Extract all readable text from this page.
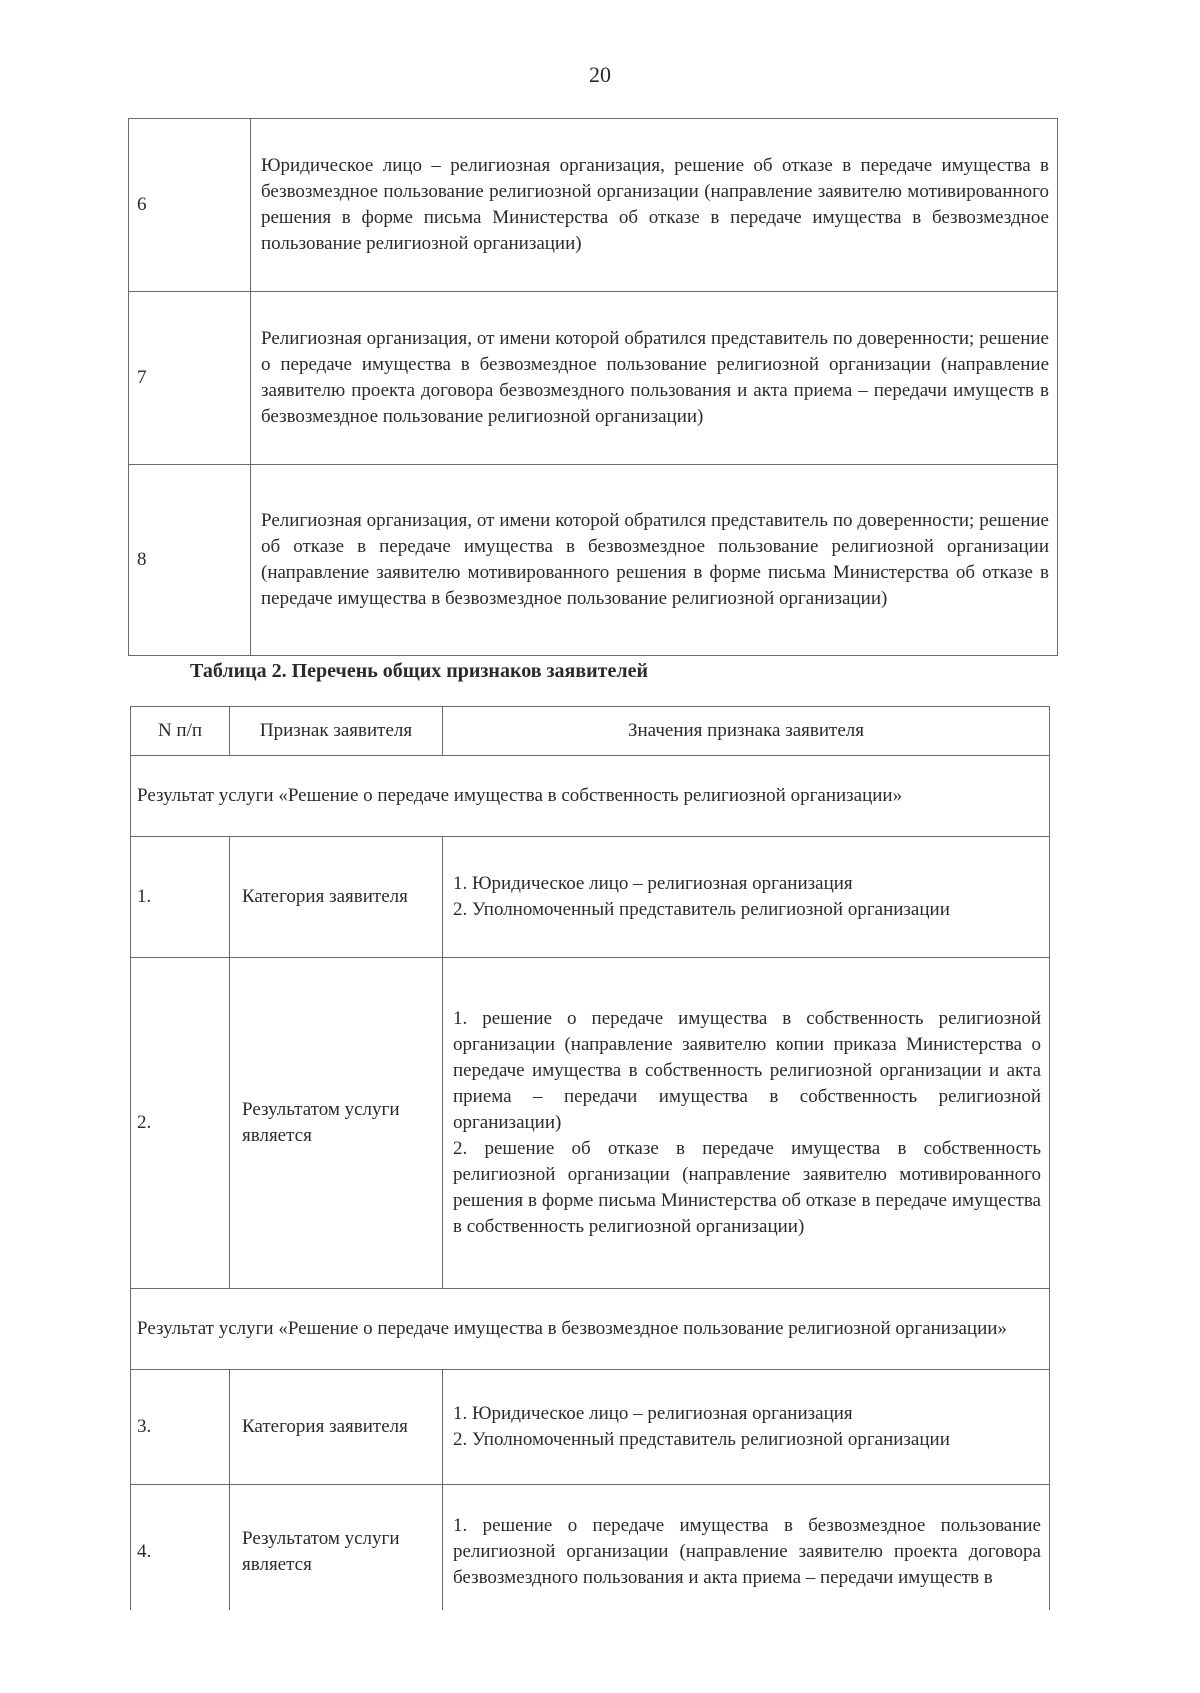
20
6	Юридическое лицо – религиозная организация, решение об отказе в передаче имущества в безвозмездное пользование религиозной организации (направление заявителю мотивированного решения в форме письма Министерства об отказе в передаче имущества в безвозмездное пользование религиозной организации)
7	Религиозная организация, от имени которой обратился представитель по доверенности; решение о передаче имущества в безвозмездное пользование религиозной организации (направление заявителю проекта договора безвозмездного пользования и акта приема – передачи имуществ в безвозмездное пользование религиозной организации)
8	Религиозная организация, от имени которой обратился представитель по доверенности; решение об отказе в передаче имущества в безвозмездное пользование религиозной организации (направление заявителю мотивированного решения в форме письма Министерства об отказе в передаче имущества в безвозмездное пользование религиозной организации)
Таблица 2. Перечень общих признаков заявителей
N п/п	Признак заявителя	Значения признака заявителя
Результат услуги «Решение о передаче имущества в собственность религиозной организации»		
1.	Категория заявителя	1. Юридическое лицо – религиозная организация
2. Уполномоченный представитель религиозной организации

2.	Результатом услуги является	1. решение о передаче имущества в собственность религиозной организации (направление заявителю копии приказа Министерства о передаче имущества в собственность религиозной организации и акта приема – передачи имущества в собственность религиозной организации)
2. решение об отказе в передаче имущества в собственность религиозной организации (направление заявителю мотивированного решения в форме письма Министерства об отказе в передаче имущества в собственность религиозной организации)

Результат услуги «Решение о передаче имущества в безвозмездное пользование религиозной организации»		
3.	Категория заявителя	1. Юридическое лицо – религиозная организация
2. Уполномоченный представитель религиозной организации

4.	Результатом услуги является	1. решение о передаче имущества в безвозмездное пользование религиозной организации (направление заявителю проекта договора безвозмездного пользования и акта приема – передачи имуществ в
